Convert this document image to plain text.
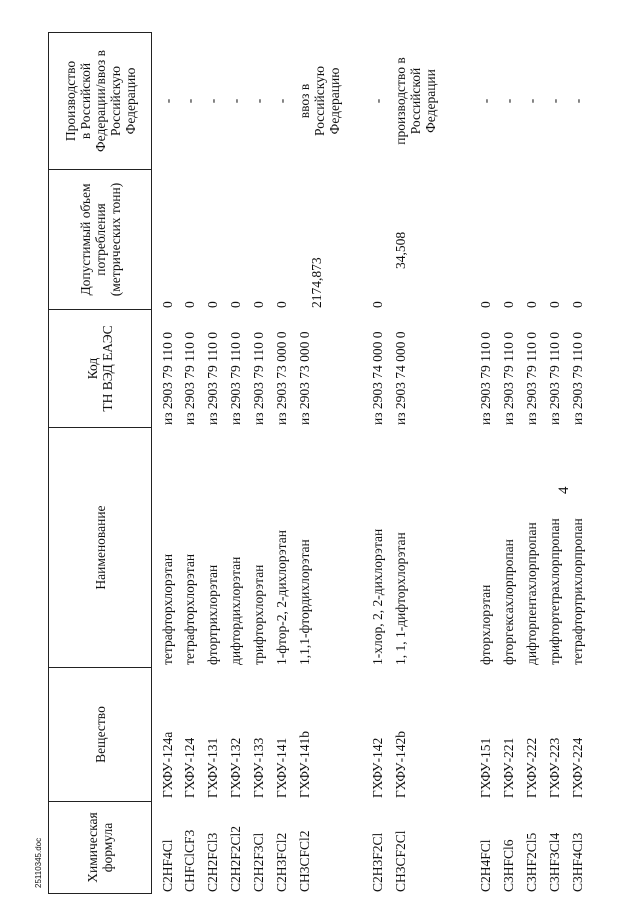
4
Химическая формула
Вещество
Наименование
Код ТН ВЭД ЕАЭС
Допустимый объем потребления (метрических тонн)
Производство в Российской Федерации/ввоз в Российскую Федерацию
C2HF4Cl
ГХФУ-124a
тетрафторхлорэтан
из 2903 79 110 0
0
-
CHFClCF3
ГХФУ-124
тетрафторхлорэтан
из 2903 79 110 0
0
-
C2H2FCl3
ГХФУ-131
фтортрихлорэтан
из 2903 79 110 0
0
-
C2H2F2Cl2
ГХФУ-132
дифтордихлорэтан
из 2903 79 110 0
0
-
C2H2F3Cl
ГХФУ-133
трифторхлорэтан
из 2903 79 110 0
0
-
C2H3FCl2
ГХФУ-141
1-фтор-2, 2-дихлорэтан
из 2903 73 000 0
0
-
CH3CFCl2
ГХФУ-141b
1,1,1-фтордихлорэтан
из 2903 73 000 0
2174,873
ввоз в Российскую Федерацию
C2H3F2Cl
ГХФУ-142
1-хлор, 2, 2-дихлорэтан
из 2903 74 000 0
0
-
CH3CF2Cl
ГХФУ-142b
1, 1, 1-дифторхлорэтан
из 2903 74 000 0
34,508
производство в Российской Федерации
C2H4FCl
ГХФУ-151
фторхлорэтан
из 2903 79 110 0
0
-
C3HFCl6
ГХФУ-221
фторгексахлорпропан
из 2903 79 110 0
0
-
C3HF2Cl5
ГХФУ-222
дифторпентахлорпропан
из 2903 79 110 0
0
-
C3HF3Cl4
ГХФУ-223
трифтортетрахлорпропан
из 2903 79 110 0
0
-
C3HF4Cl3
ГХФУ-224
тетрафтортрихлорпропан
из 2903 79 110 0
0
-
25110345.doc
